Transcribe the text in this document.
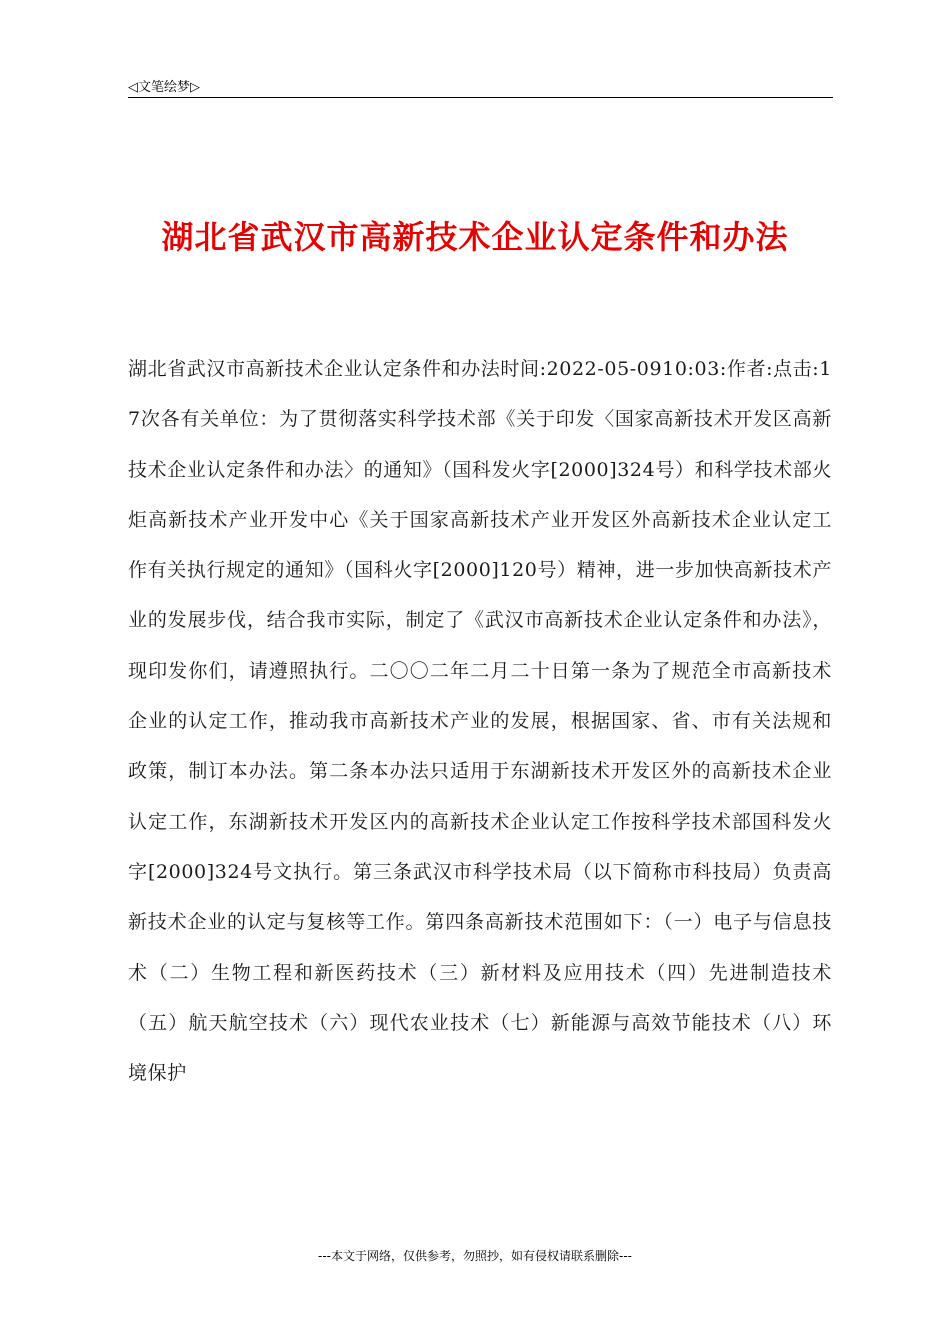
◁文笔绘梦▷
湖北省武汉市高新技术企业认定条件和办法

湖北省武汉市高新技术企业认定条件和办法时间:2022-05-0910:03:作者:点击:17次各有关单位：为了贯彻落实科学技术部《关于印发〈国家高新技术开发区高新技术企业认定条件和办法〉的通知》（国科发火字[2000]324号）和科学技术部火炬高新技术产业开发中心《关于国家高新技术产业开发区外高新技术企业认定工作有关执行规定的通知》（国科火字[2000]120号）精神，进一步加快高新技术产业的发展步伐，结合我市实际，制定了《武汉市高新技术企业认定条件和办法》，现印发你们，请遵照执行。二〇〇二年二月二十日第一条为了规范全市高新技术企业的认定工作，推动我市高新技术产业的发展，根据国家、省、市有关法规和政策，制订本办法。第二条本办法只适用于东湖新技术开发区外的高新技术企业认定工作，东湖新技术开发区内的高新技术企业认定工作按科学技术部国科发火字[2000]324号文执行。第三条武汉市科学技术局（以下简称市科技局）负责高新技术企业的认定与复核等工作。第四条高新技术范围如下：（一）电子与信息技术（二）生物工程和新医药技术（三）新材料及应用技术（四）先进制造技术（五）航天航空技术（六）现代农业技术（七）新能源与高效节能技术（八）环境保护

---本文于网络，仅供参考，勿照抄，如有侵权请联系删除---
